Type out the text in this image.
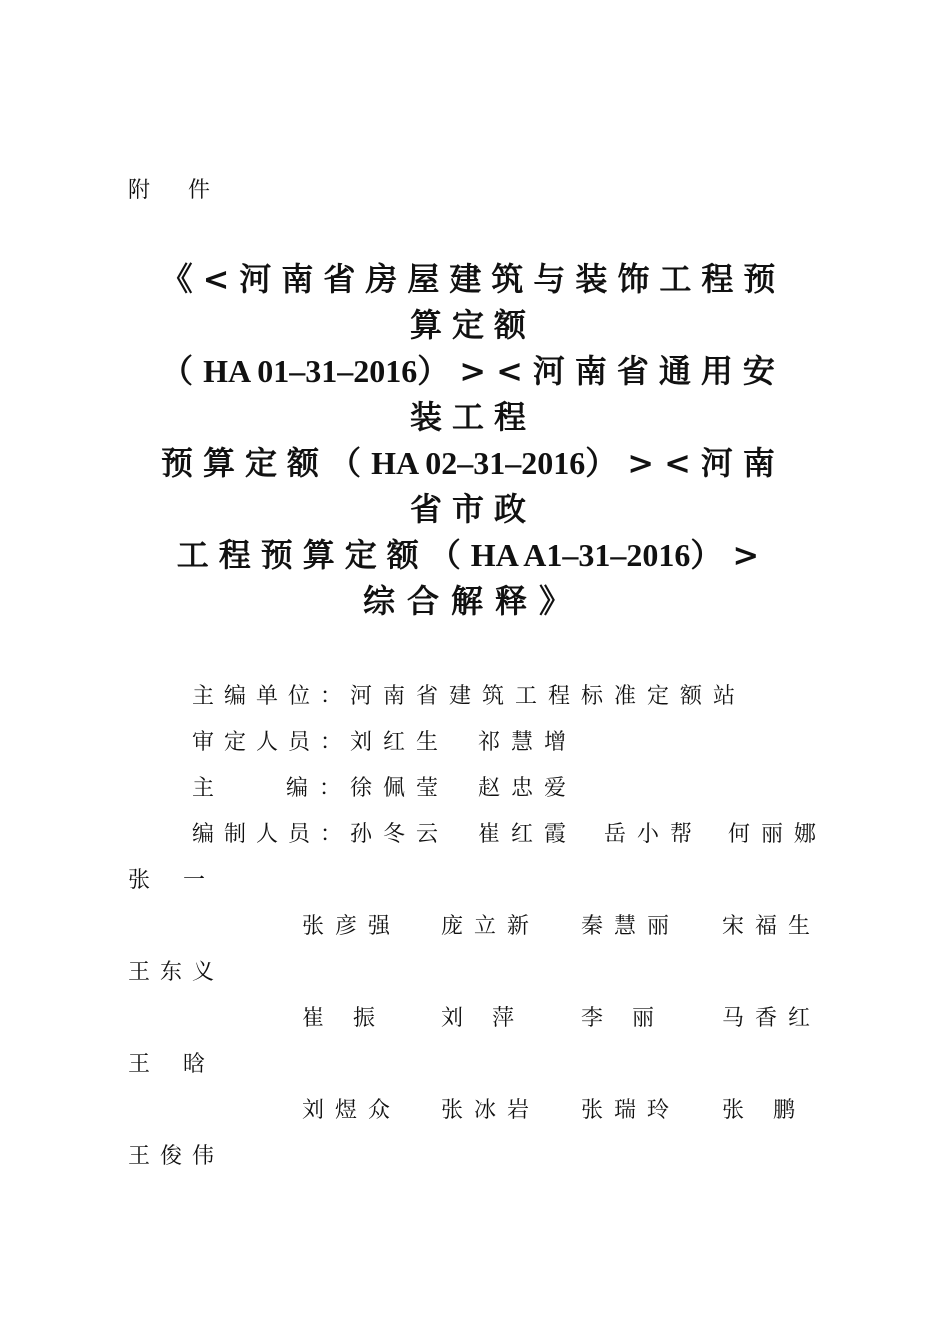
附件

《<河南省房屋建筑与装饰工程预
算定额
（HA 01–31–2016）><河南省通用安
装工程
预算定额（HA 02–31–2016）><河南
省市政
工程预算定额（HA A1–31–2016）>
综合解释》
主编单位：
河南省建筑工程标准定额站
审定人员：
刘红生 祁慧增
主	编：
徐佩莹 赵忠爱
编制人员：
孙冬云 崔红霞 岳小帮 何丽娜
张 一
张彦强 庞立新 秦慧丽 宋福生
王东义
崔 振	刘 萍	李 丽	马香红
王 晗
刘煜众 张冰岩 张瑞玲 张 鹏
王俊伟
